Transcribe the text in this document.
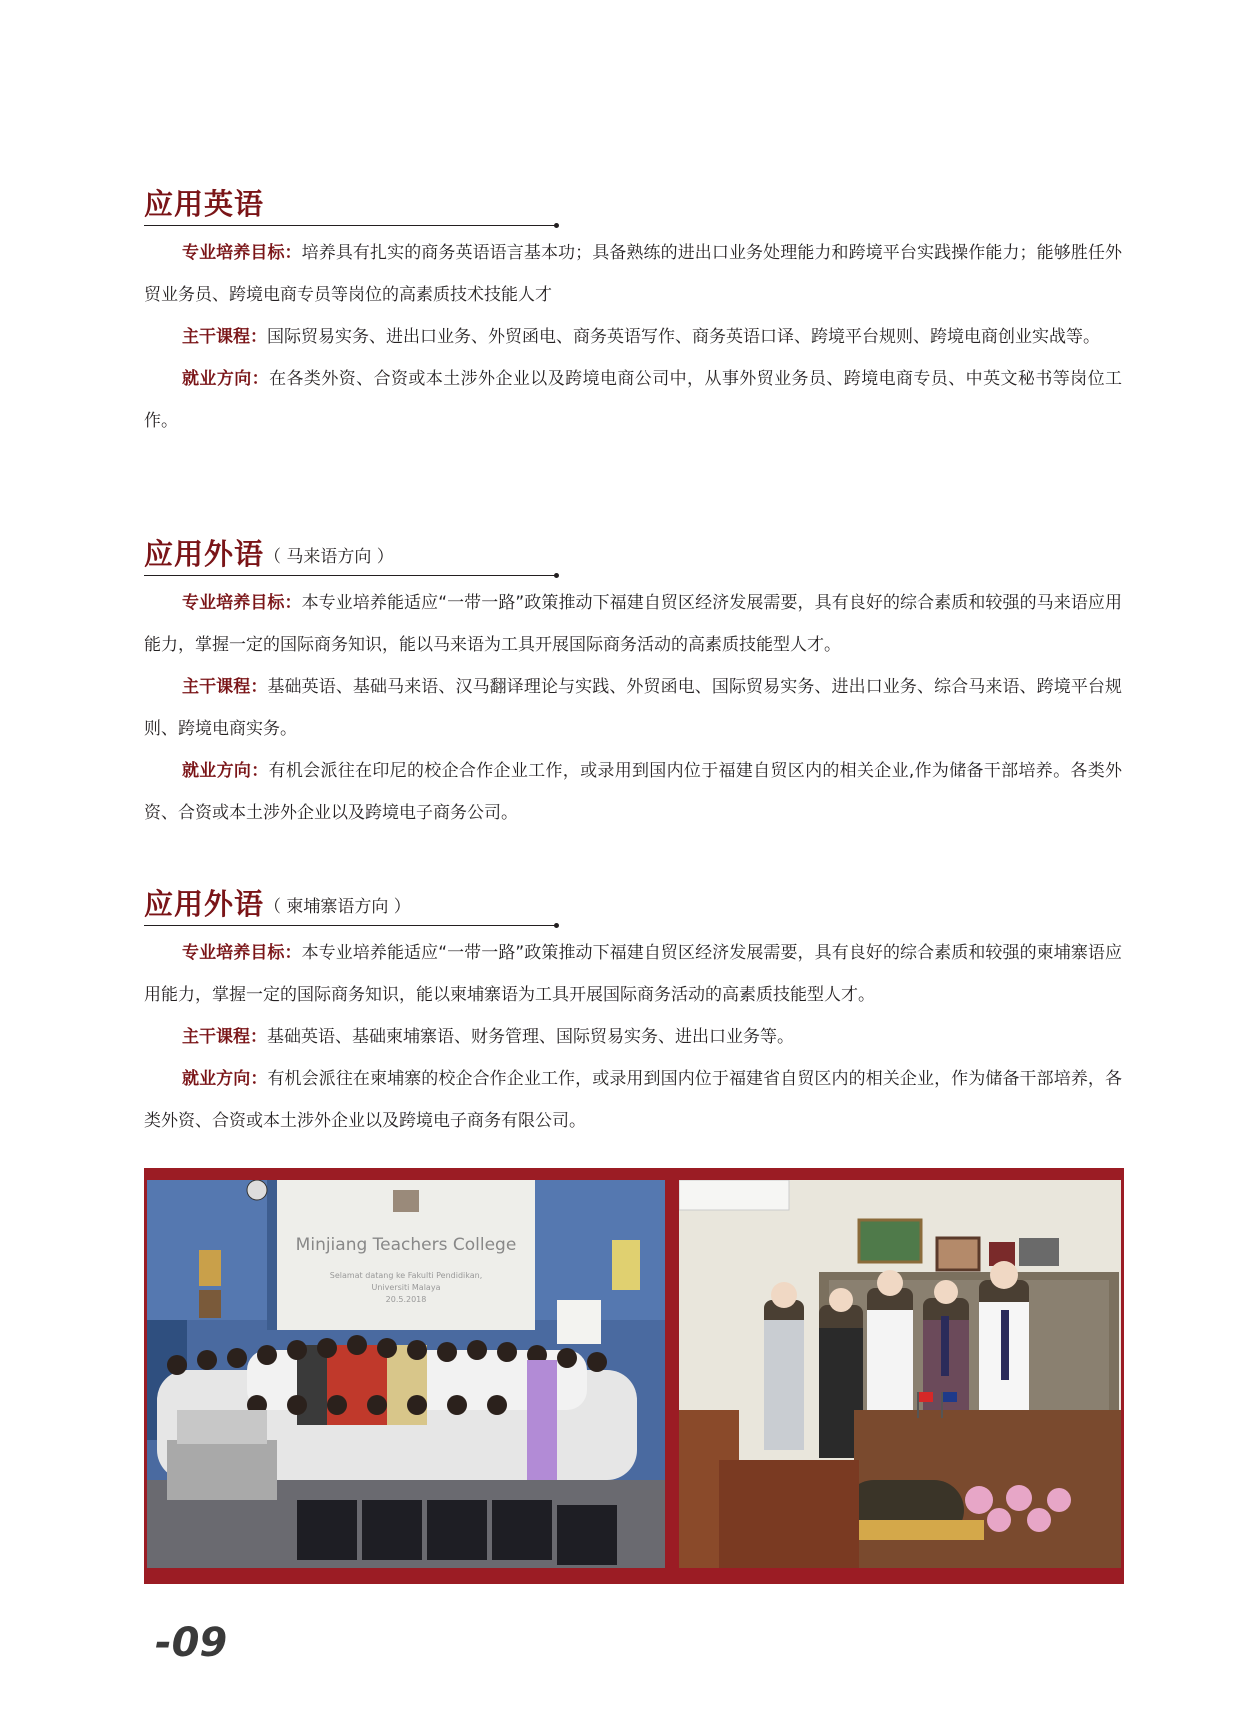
应用英语

专业培养目标：培养具有扎实的商务英语语言基本功；具备熟练的进出口业务处理能力和跨境平台实践操作能力；能够胜任外贸业务员、跨境电商专员等岗位的高素质技术技能人才

主干课程：国际贸易实务、进出口业务、外贸函电、商务英语写作、商务英语口译、跨境平台规则、跨境电商创业实战等。

就业方向：在各类外资、合资或本土涉外企业以及跨境电商公司中，从事外贸业务员、跨境电商专员、中英文秘书等岗位工作。

应用外语 （ 马来语方向 ）

专业培养目标：本专业培养能适应“一带一路”政策推动下福建自贸区经济发展需要，具有良好的综合素质和较强的马来语应用能力，掌握一定的国际商务知识，能以马来语为工具开展国际商务活动的高素质技能型人才。

主干课程：基础英语、基础马来语、汉马翻译理论与实践、外贸函电、国际贸易实务、进出口业务、综合马来语、跨境平台规则、跨境电商实务。

就业方向：有机会派往在印尼的校企合作企业工作，或录用到国内位于福建自贸区内的相关企业,作为储备干部培养。各类外资、合资或本土涉外企业以及跨境电子商务公司。

应用外语 （ 柬埔寨语方向 ）

专业培养目标：本专业培养能适应“一带一路”政策推动下福建自贸区经济发展需要，具有良好的综合素质和较强的柬埔寨语应用能力，掌握一定的国际商务知识，能以柬埔寨语为工具开展国际商务活动的高素质技能型人才。

主干课程：基础英语、基础柬埔寨语、财务管理、国际贸易实务、进出口业务等。

就业方向：有机会派往在柬埔寨的校企合作企业工作，或录用到国内位于福建省自贸区内的相关企业，作为储备干部培养，各类外资、合资或本土涉外企业以及跨境电子商务有限公司。

Minjiang Teachers College
Selamat datang ke Fakulti Pendidikan,
Universiti Malaya
20.5.2018
-09
